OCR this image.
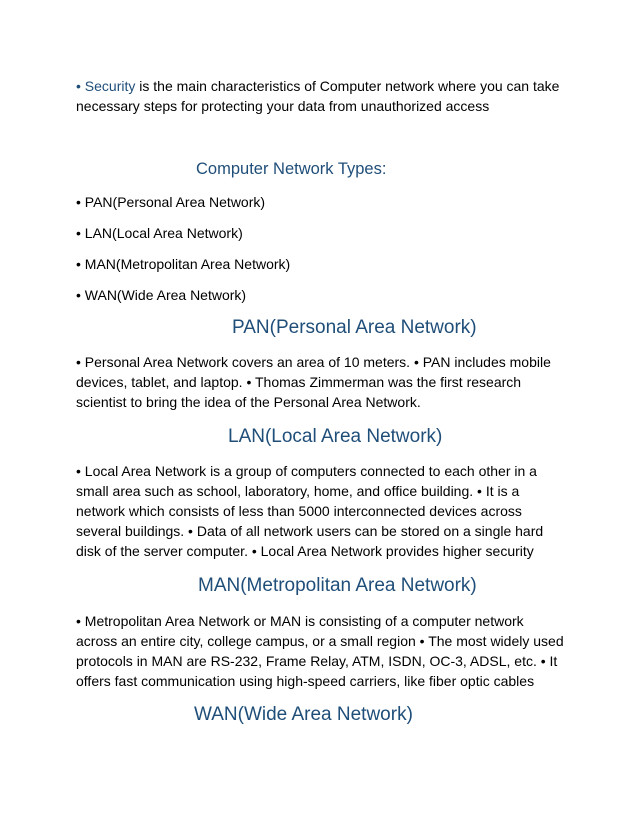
• Security is the main characteristics of Computer network where you can take necessary steps for protecting your data from unauthorized access

Computer Network Types:

• PAN(Personal Area Network)

• LAN(Local Area Network)

• MAN(Metropolitan Area Network)

• WAN(Wide Area Network)

PAN(Personal Area Network)

• Personal Area Network covers an area of 10 meters. • PAN includes mobile devices, tablet, and laptop. • Thomas Zimmerman was the first research scientist to bring the idea of the Personal Area Network.

LAN(Local Area Network)

• Local Area Network is a group of computers connected to each other in a small area such as school, laboratory, home, and office building. • It is a network which consists of less than 5000 interconnected devices across several buildings. • Data of all network users can be stored on a single hard disk of the server computer. • Local Area Network provides higher security

MAN(Metropolitan Area Network)

• Metropolitan Area Network or MAN is consisting of a computer network across an entire city, college campus, or a small region • The most widely used protocols in MAN are RS-232, Frame Relay, ATM, ISDN, OC-3, ADSL, etc. • It offers fast communication using high-speed carriers, like fiber optic cables

WAN(Wide Area Network)
